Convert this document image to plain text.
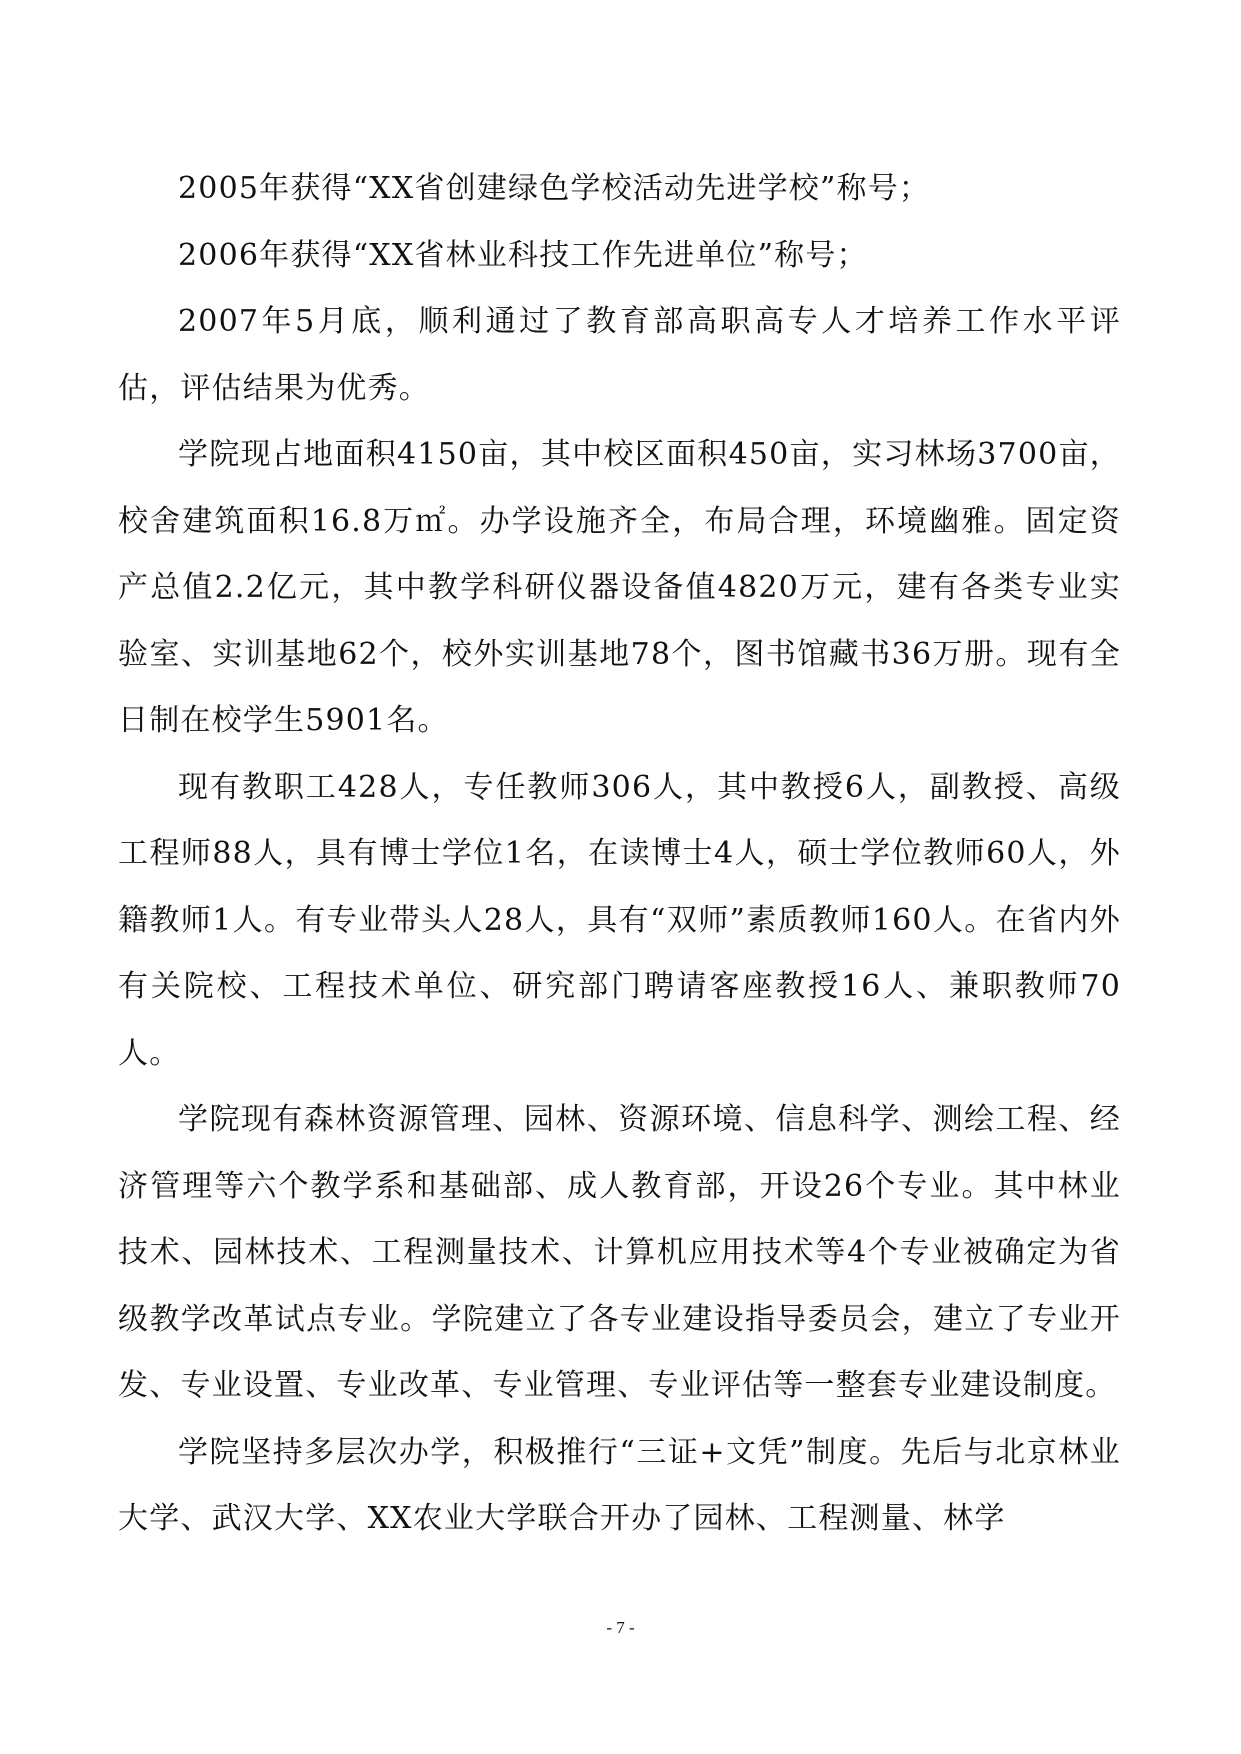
2005年获得“XX省创建绿色学校活动先进学校”称号；

2006年获得“XX省林业科技工作先进单位”称号；

2007年5月底，顺利通过了教育部高职高专人才培养工作水平评估，评估结果为优秀。

学院现占地面积4150亩，其中校区面积450亩，实习林场3700亩，校舍建筑面积16.8万㎡。办学设施齐全，布局合理，环境幽雅。固定资产总值2.2亿元，其中教学科研仪器设备值4820万元，建有各类专业实验室、实训基地62个，校外实训基地78个，图书馆藏书36万册。现有全日制在校学生5901名。

现有教职工428人，专任教师306人，其中教授6人，副教授、高级工程师88人，具有博士学位1名，在读博士4人，硕士学位教师60人，外籍教师1人。有专业带头人28人，具有“双师”素质教师160人。在省内外有关院校、工程技术单位、研究部门聘请客座教授16人、兼职教师70人。

学院现有森林资源管理、园林、资源环境、信息科学、测绘工程、经济管理等六个教学系和基础部、成人教育部，开设26个专业。其中林业技术、园林技术、工程测量技术、计算机应用技术等4个专业被确定为省级教学改革试点专业。学院建立了各专业建设指导委员会，建立了专业开发、专业设置、专业改革、专业管理、专业评估等一整套专业建设制度。

学院坚持多层次办学，积极推行“三证+文凭”制度。先后与北京林业大学、武汉大学、XX农业大学联合开办了园林、工程测量、林学

- 7 -
